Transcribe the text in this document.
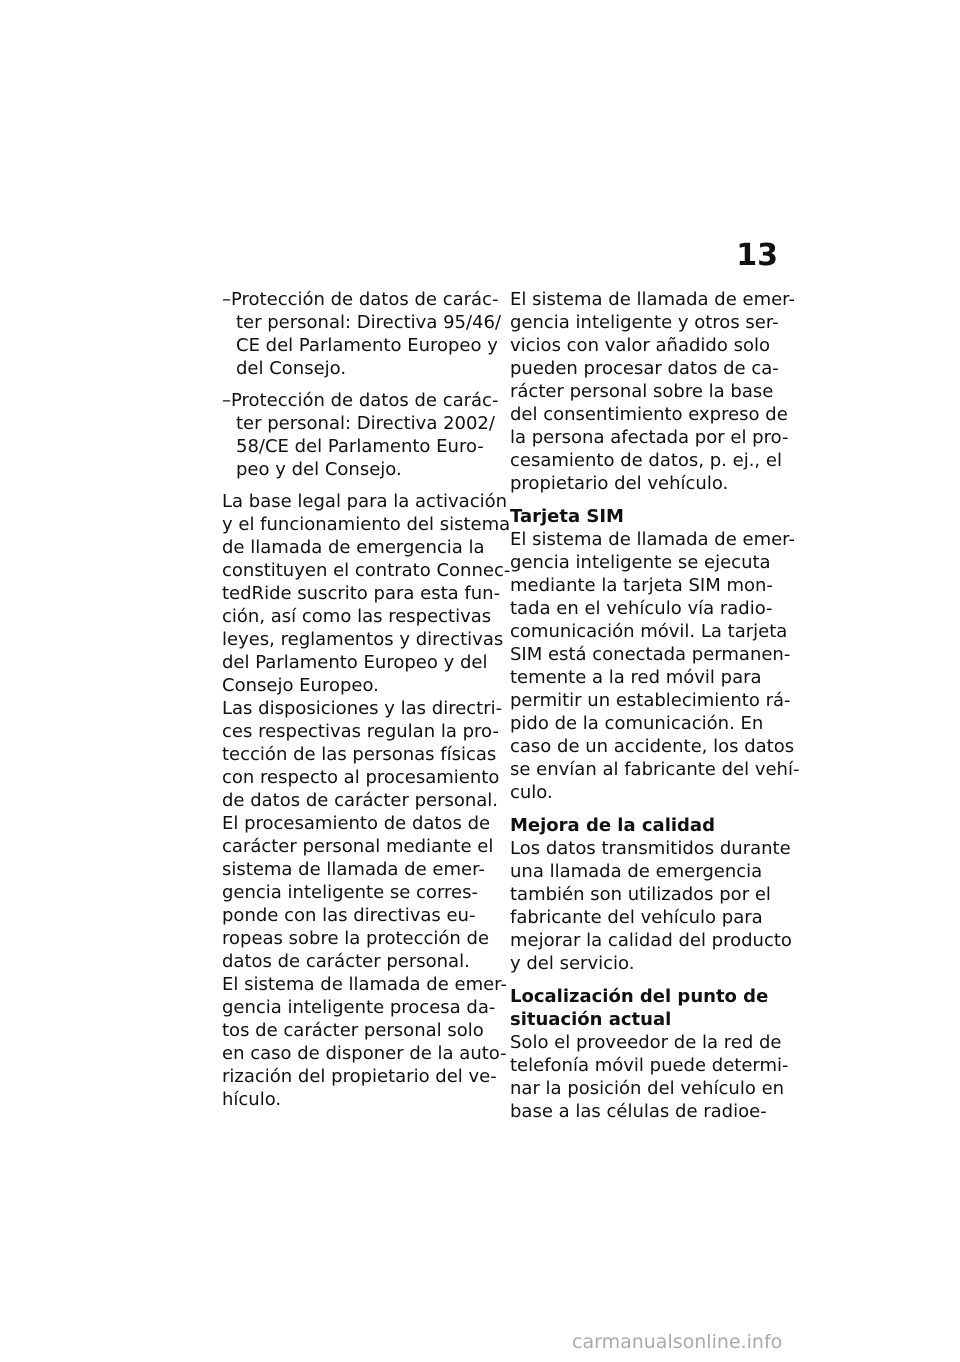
13
–Protección de datos de carác-
ter personal: Directiva 95/46/
CE del Parlamento Europeo y
del Consejo.
–Protección de datos de carác-
ter personal: Directiva 2002/
58/CE del Parlamento Euro-
peo y del Consejo.
La base legal para la activación
y el funcionamiento del sistema
de llamada de emergencia la
constituyen el contrato Connec-
tedRide suscrito para esta fun-
ción, así como las respectivas
leyes, reglamentos y directivas
del Parlamento Europeo y del
Consejo Europeo.
Las disposiciones y las directri-
ces respectivas regulan la pro-
tección de las personas físicas
con respecto al procesamiento
de datos de carácter personal.
El procesamiento de datos de
carácter personal mediante el
sistema de llamada de emer-
gencia inteligente se corres-
ponde con las directivas eu-
ropeas sobre la protección de
datos de carácter personal.
El sistema de llamada de emer-
gencia inteligente procesa da-
tos de carácter personal solo
en caso de disponer de la auto-
rización del propietario del ve-
hículo.
El sistema de llamada de emer-
gencia inteligente y otros ser-
vicios con valor añadido solo
pueden procesar datos de ca-
rácter personal sobre la base
del consentimiento expreso de
la persona afectada por el pro-
cesamiento de datos, p. ej., el
propietario del vehículo.
Tarjeta SIM
El sistema de llamada de emer-
gencia inteligente se ejecuta
mediante la tarjeta SIM mon-
tada en el vehículo vía radio-
comunicación móvil. La tarjeta
SIM está conectada permanen-
temente a la red móvil para
permitir un establecimiento rá-
pido de la comunicación. En
caso de un accidente, los datos
se envían al fabricante del vehí-
culo.
Mejora de la calidad
Los datos transmitidos durante
una llamada de emergencia
también son utilizados por el
fabricante del vehículo para
mejorar la calidad del producto
y del servicio.
Localización del punto de
situación actual
Solo el proveedor de la red de
telefonía móvil puede determi-
nar la posición del vehículo en
base a las células de radioe-
carmanualsonline.info
